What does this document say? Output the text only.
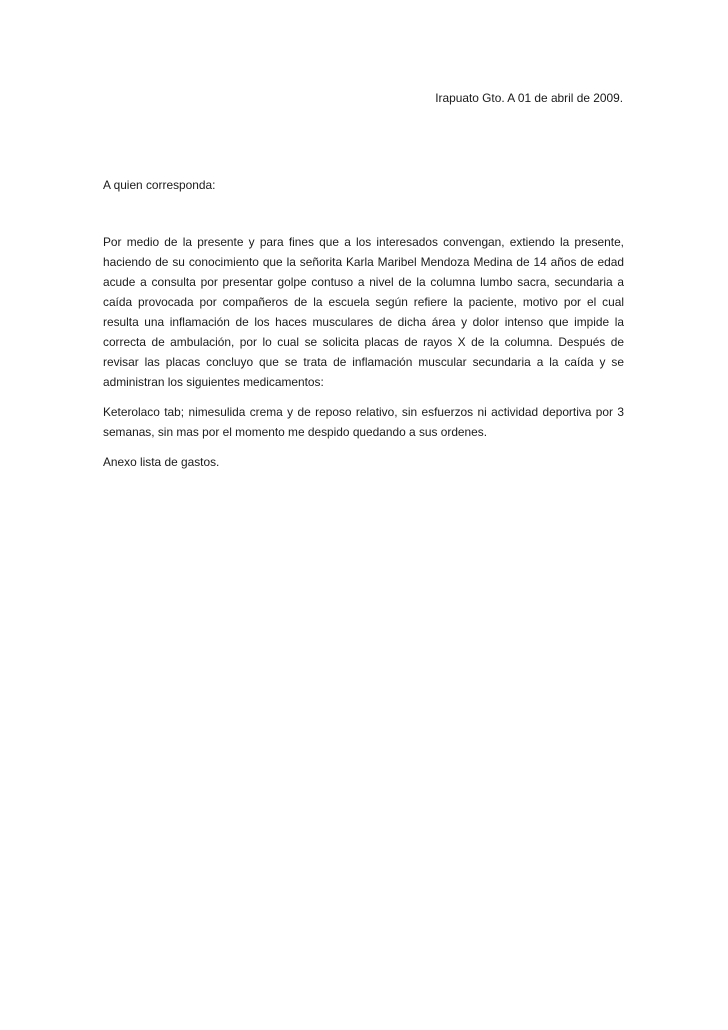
Irapuato Gto. A 01 de abril de 2009.
A quien corresponda:

Por medio de la presente y para fines que a los interesados convengan, extiendo la presente, haciendo de su conocimiento que la señorita Karla Maribel Mendoza Medina de 14 años de edad acude a consulta por presentar golpe contuso a nivel de la columna lumbo sacra, secundaria a caída provocada por compañeros de la escuela según refiere la paciente, motivo por el cual resulta una inflamación de los haces musculares de dicha área y dolor intenso que impide la correcta de ambulación, por lo cual se solicita placas de rayos X de la columna. Después de revisar las placas concluyo que se trata de inflamación muscular secundaria a la caída y se administran los siguientes medicamentos:

Keterolaco tab; nimesulida crema y de reposo relativo, sin esfuerzos ni actividad deportiva por 3 semanas, sin mas por el momento me despido quedando a sus ordenes.

Anexo lista de gastos.
